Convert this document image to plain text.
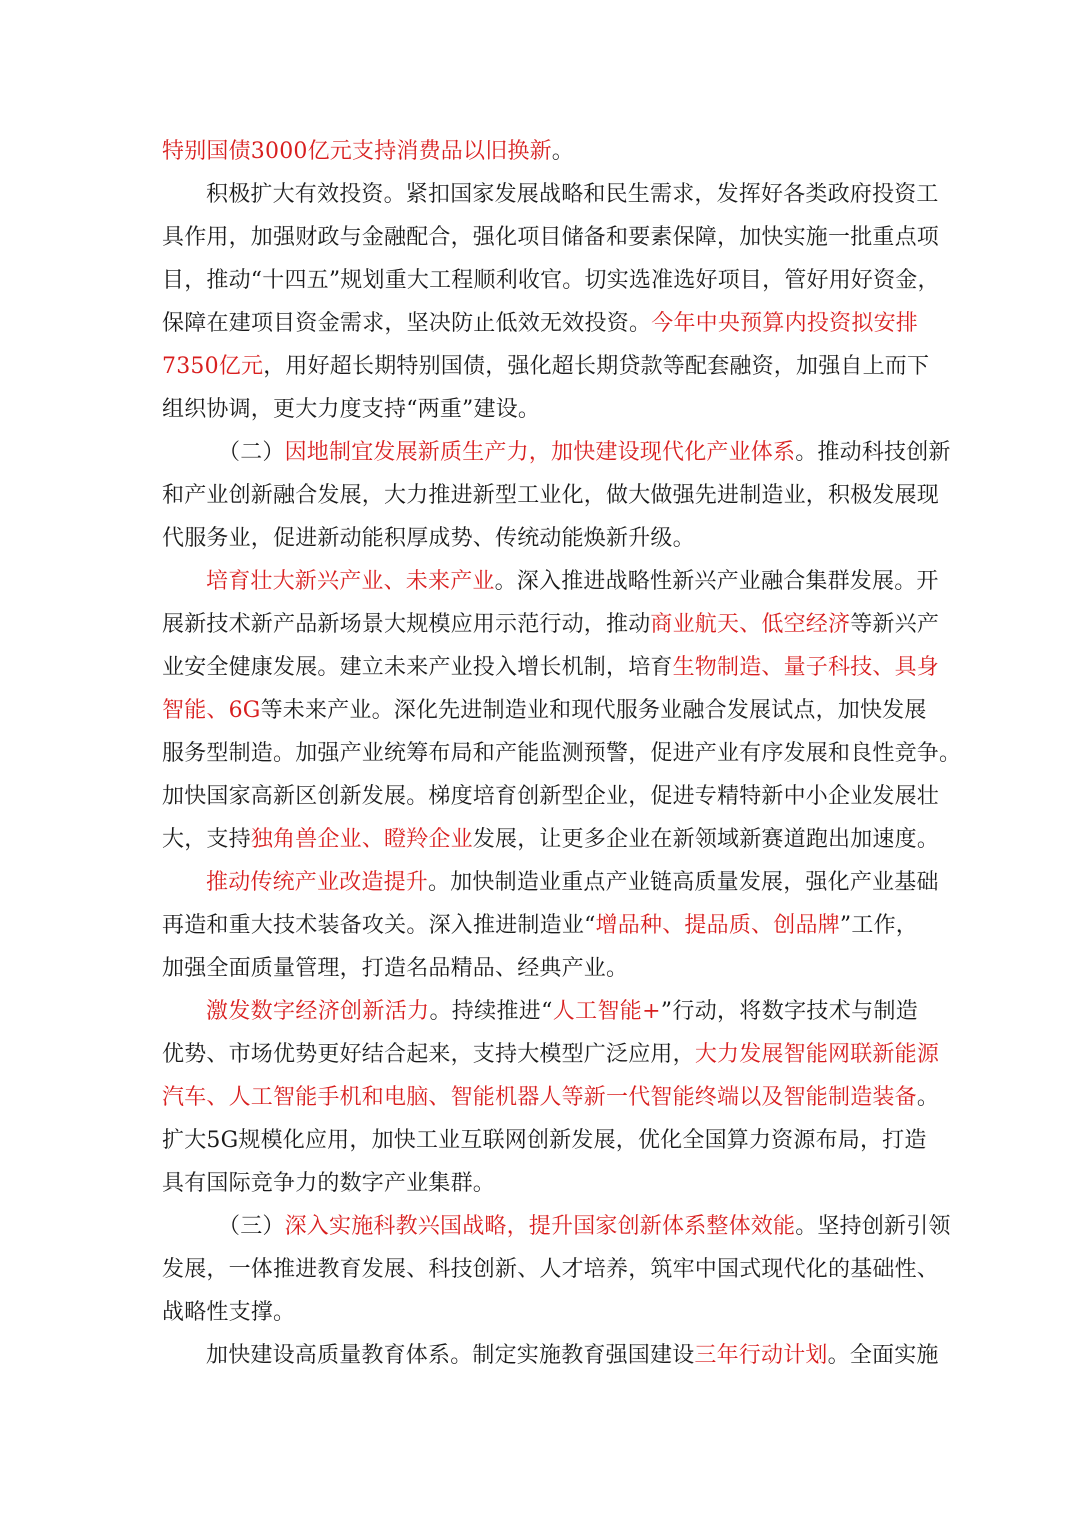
特别国债3000亿元支持消费品以旧换新。
积极扩大有效投资。紧扣国家发展战略和民生需求，发挥好各类政府投资工
具作用，加强财政与金融配合，强化项目储备和要素保障，加快实施一批重点项
目，推动“十四五”规划重大工程顺利收官。切实选准选好项目，管好用好资金，
保障在建项目资金需求，坚决防止低效无效投资。今年中央预算内投资拟安排
7350亿元，用好超长期特别国债，强化超长期贷款等配套融资，加强自上而下
组织协调，更大力度支持“两重”建设。
（二）因地制宜发展新质生产力，加快建设现代化产业体系。推动科技创新
和产业创新融合发展，大力推进新型工业化，做大做强先进制造业，积极发展现
代服务业，促进新动能积厚成势、传统动能焕新升级。
培育壮大新兴产业、未来产业。深入推进战略性新兴产业融合集群发展。开
展新技术新产品新场景大规模应用示范行动，推动商业航天、低空经济等新兴产
业安全健康发展。建立未来产业投入增长机制，培育生物制造、量子科技、具身
智能、6G等未来产业。深化先进制造业和现代服务业融合发展试点，加快发展
服务型制造。加强产业统筹布局和产能监测预警，促进产业有序发展和良性竞争。
加快国家高新区创新发展。梯度培育创新型企业，促进专精特新中小企业发展壮
大，支持独角兽企业、瞪羚企业发展，让更多企业在新领域新赛道跑出加速度。
推动传统产业改造提升。加快制造业重点产业链高质量发展，强化产业基础
再造和重大技术装备攻关。深入推进制造业“增品种、提品质、创品牌”工作，
加强全面质量管理，打造名品精品、经典产业。
激发数字经济创新活力。持续推进“人工智能+”行动，将数字技术与制造
优势、市场优势更好结合起来，支持大模型广泛应用，大力发展智能网联新能源
汽车、人工智能手机和电脑、智能机器人等新一代智能终端以及智能制造装备。
扩大5G规模化应用，加快工业互联网创新发展，优化全国算力资源布局，打造
具有国际竞争力的数字产业集群。
（三）深入实施科教兴国战略，提升国家创新体系整体效能。坚持创新引领
发展，一体推进教育发展、科技创新、人才培养，筑牢中国式现代化的基础性、
战略性支撑。
加快建设高质量教育体系。制定实施教育强国建设三年行动计划。全面实施
